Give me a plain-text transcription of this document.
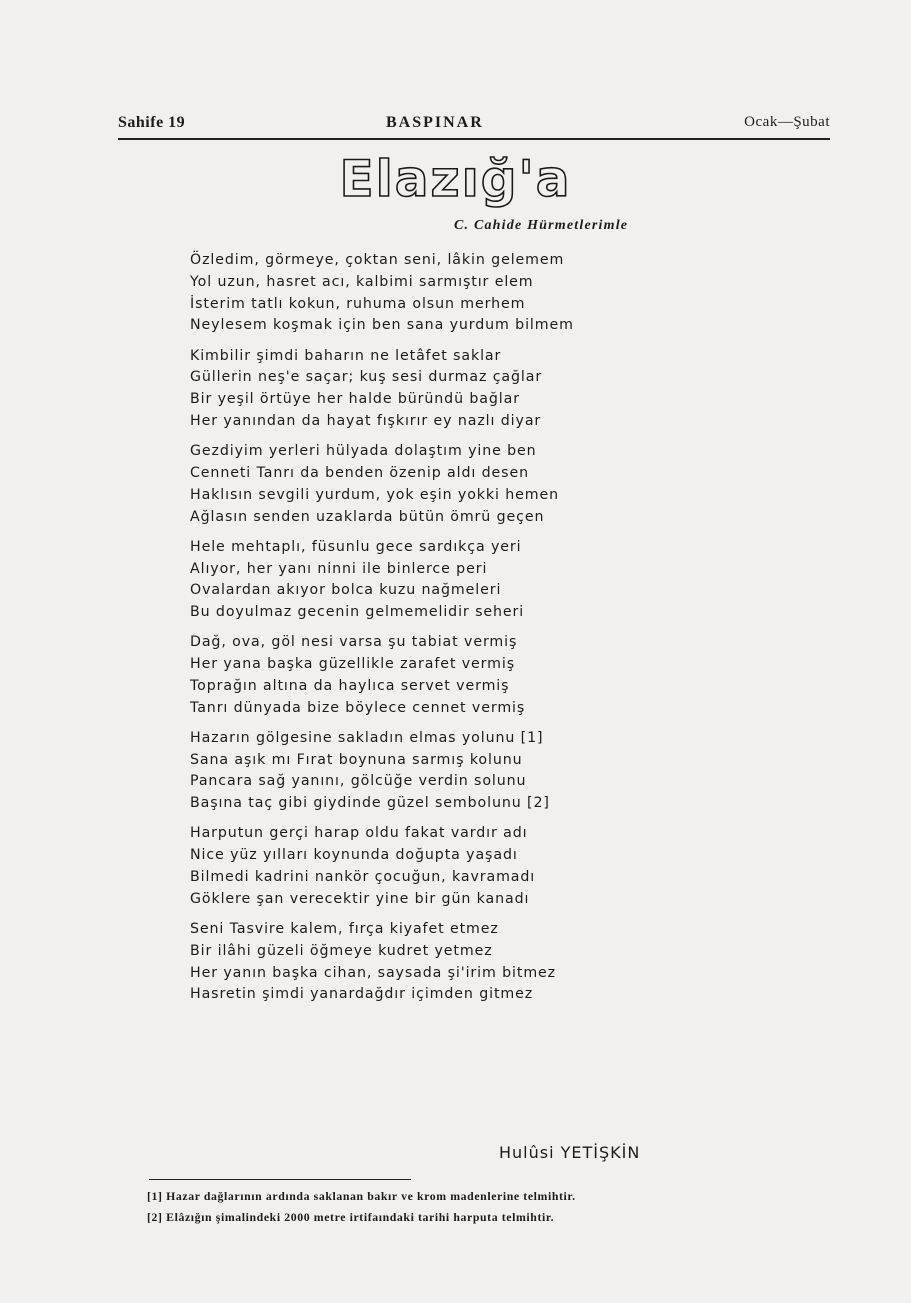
Sahife 19	BASPINAR	Ocak—Şubat
Elazığ'a
C. Cahide Hürmetlerimle
Özledim, görmeye, çoktan seni, lâkin gelemem
Yol uzun, hasret acı, kalbimi sarmıştır elem
İsterim tatlı kokun, ruhuma olsun merhem
Neylesem koşmak için ben sana yurdum bilmem
Kimbilir şimdi baharın ne letâfet saklar
Güllerin neş'e saçar; kuş sesi durmaz çağlar
Bir yeşil örtüye her halde büründü bağlar
Her yanından da hayat fışkırır ey nazlı diyar
Gezdiyim yerleri hülyada dolaştım yine ben
Cenneti Tanrı da benden özenip aldı desen
Haklısın sevgili yurdum, yok eşin yokki hemen
Ağlasın senden uzaklarda bütün ömrü geçen
Hele mehtaplı, füsunlu gece sardıkça yeri
Alıyor, her yanı ninni ile binlerce peri
Ovalardan akıyor bolca kuzu nağmeleri
Bu doyulmaz gecenin gelmemelidir seheri
Dağ, ova, göl nesi varsa şu tabiat vermiş
Her yana başka güzellikle zarafet vermiş
Toprağın altına da haylıca servet vermiş
Tanrı dünyada bize böylece cennet vermiş
Hazarın gölgesine sakladın elmas yolunu [1]
Sana aşık mı Fırat boynuna sarmış kolunu
Pancara sağ yanını, gölcüğe verdin solunu
Başına taç gibi giydinde güzel sembolunu [2]
Harputun gerçi harap oldu fakat vardır adı
Nice yüz yılları koynunda doğupta yaşadı
Bilmedi kadrini nankör çocuğun, kavramadı
Göklere şan verecektir yine bir gün kanadı
Seni Tasvire kalem, fırça kiyafet etmez
Bir ilâhi güzeli öğmeye kudret yetmez
Her yanın başka cihan, saysada şi'irim bitmez
Hasretin şimdi yanardağdır içimden gitmez
Hulûsi YETİŞKİN
[1] Hazar dağlarının ardında saklanan bakır ve krom madenlerine telmihtir.
[2] Elâzığın şimalindeki 2000 metre irtifaındaki tarihi harputa telmihtir.
